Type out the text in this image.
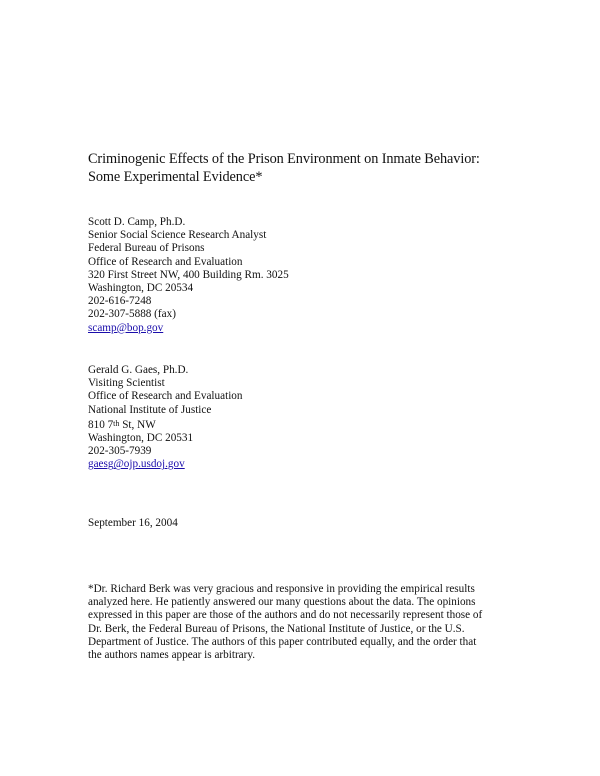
Criminogenic Effects of the Prison Environment on Inmate Behavior:
Some Experimental Evidence*
Scott D. Camp, Ph.D.
Senior Social Science Research Analyst
Federal Bureau of Prisons
Office of Research and Evaluation
320 First Street NW, 400 Building Rm. 3025
Washington, DC 20534
202-616-7248
202-307-5888 (fax)
scamp@bop.gov
Gerald G. Gaes, Ph.D.
Visiting Scientist
Office of Research and Evaluation
National Institute of Justice
810 7th St, NW
Washington, DC 20531
202-305-7939
gaesg@ojp.usdoj.gov
September 16, 2004
*Dr. Richard Berk was very gracious and responsive in providing the empirical results
analyzed here. He patiently answered our many questions about the data. The opinions
expressed in this paper are those of the authors and do not necessarily represent those of
Dr. Berk, the Federal Bureau of Prisons, the National Institute of Justice, or the U.S.
Department of Justice. The authors of this paper contributed equally, and the order that
the authors names appear is arbitrary.
